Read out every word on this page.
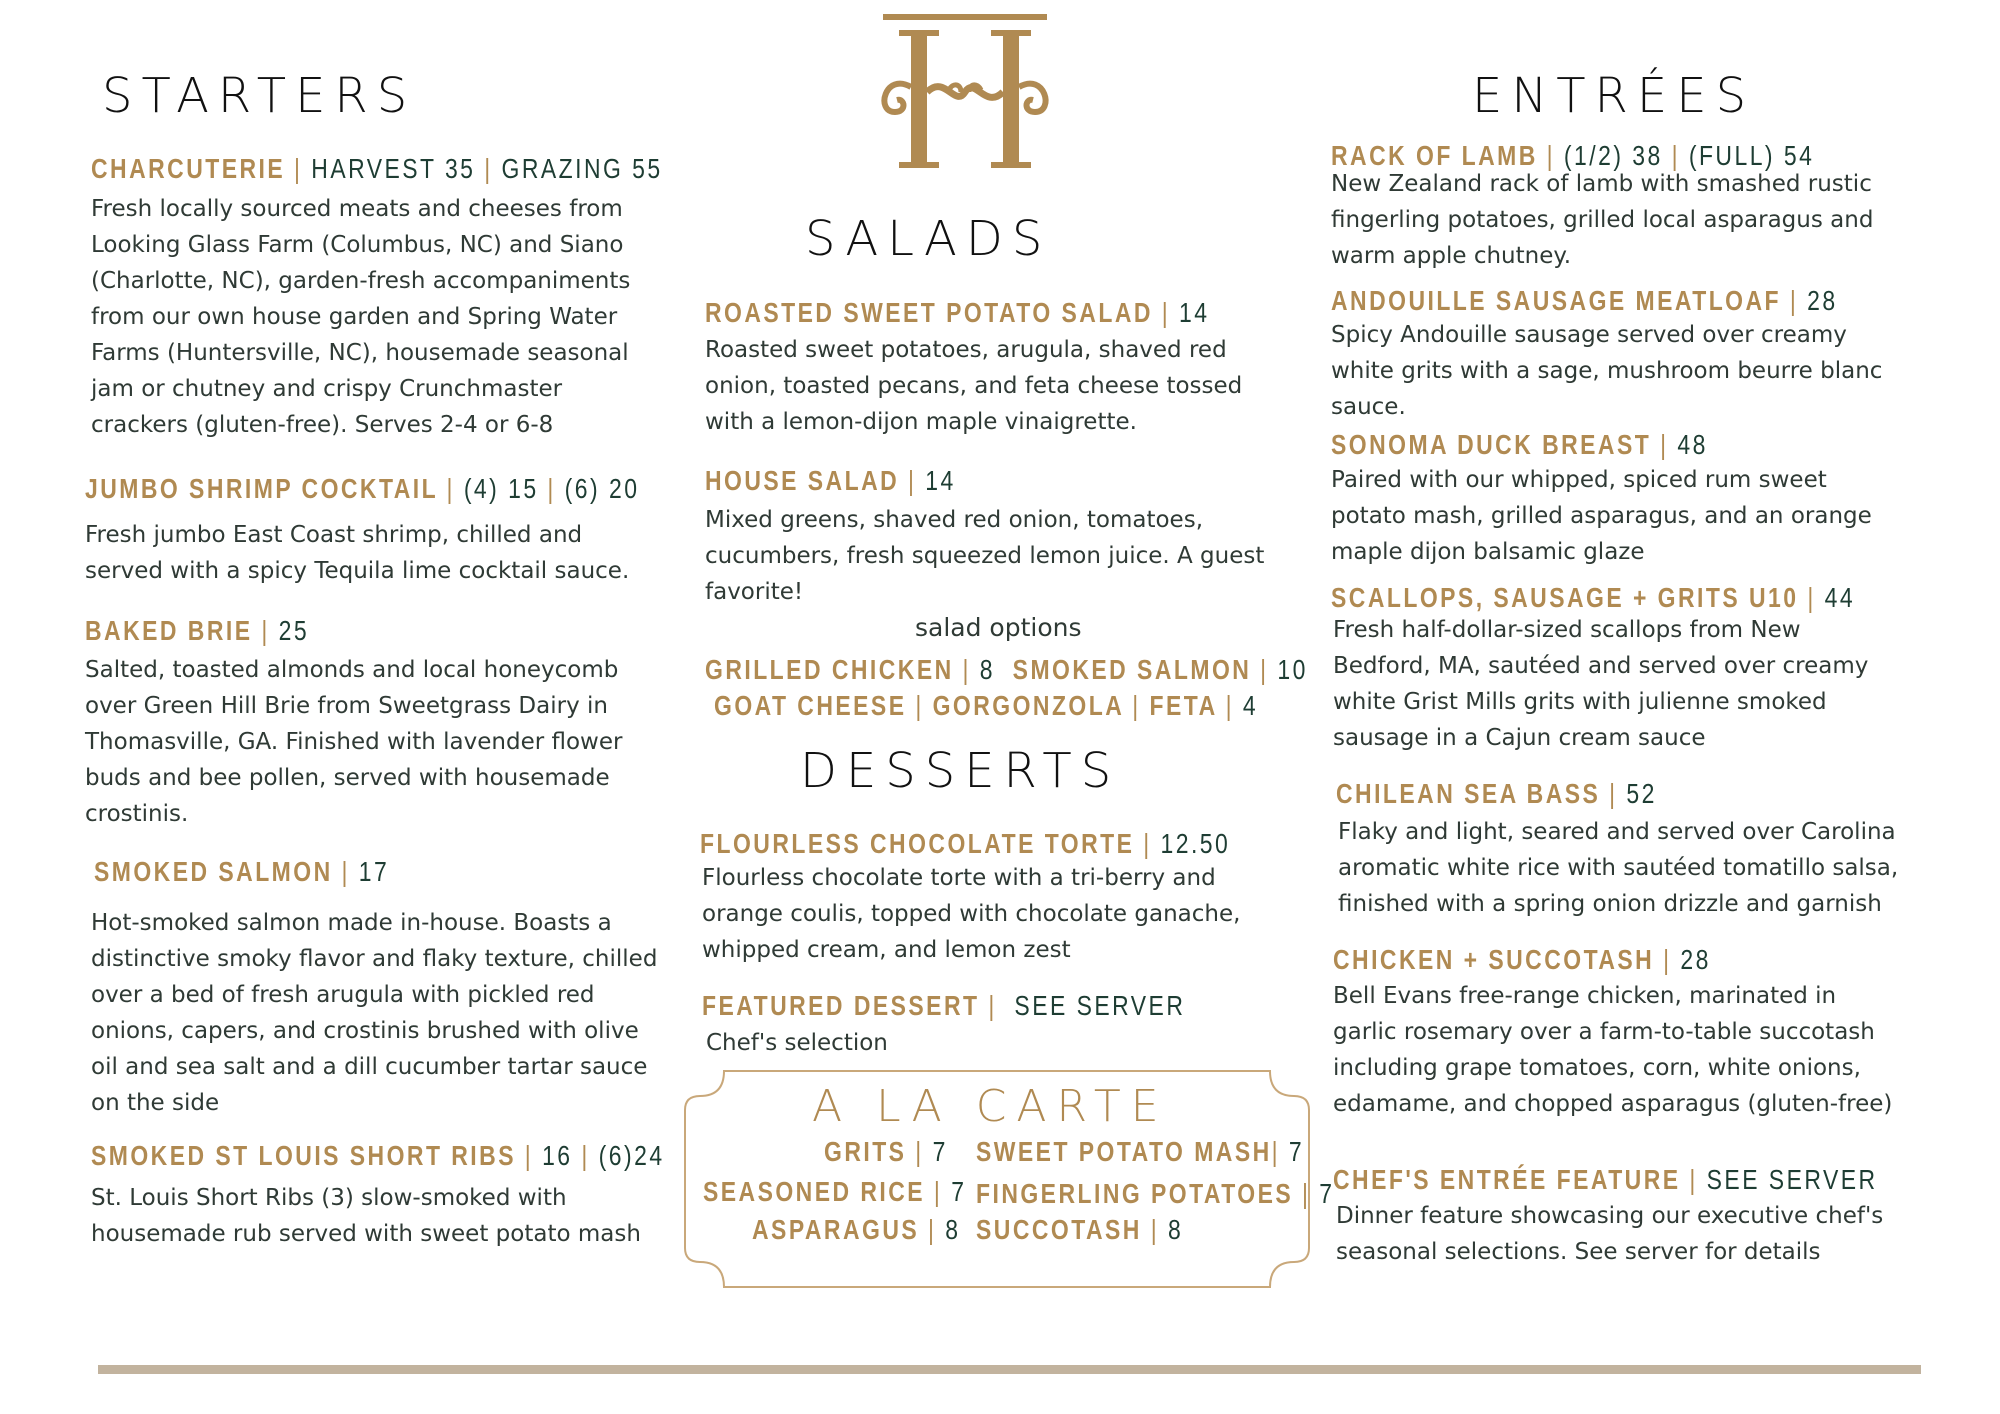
STARTERS
SALADS
DESSERTS
ENTRÉES
CHARCUTERIE | HARVEST 35 | GRAZING 55
Fresh locally sourced meats and cheeses from
Looking Glass Farm (Columbus, NC) and Siano
(Charlotte, NC), garden-fresh accompaniments
from our own house garden and Spring Water
Farms (Huntersville, NC), housemade seasonal
jam or chutney and crispy Crunchmaster
crackers (gluten-free). Serves 2-4 or 6-8
JUMBO SHRIMP COCKTAIL | (4) 15 | (6) 20
Fresh jumbo East Coast shrimp, chilled and
served with a spicy Tequila lime cocktail sauce.
BAKED BRIE | 25
Salted, toasted almonds and local honeycomb
over Green Hill Brie from Sweetgrass Dairy in
Thomasville, GA. Finished with lavender flower
buds and bee pollen, served with housemade
crostinis.
SMOKED SALMON | 17
Hot-smoked salmon made in-house. Boasts a
distinctive smoky flavor and flaky texture, chilled
over a bed of fresh arugula with pickled red
onions, capers, and crostinis brushed with olive
oil and sea salt and a dill cucumber tartar sauce
on the side
SMOKED ST LOUIS SHORT RIBS | 16 | (6)24
St. Louis Short Ribs (3) slow-smoked with
housemade rub served with sweet potato mash
ROASTED SWEET POTATO SALAD | 14
Roasted sweet potatoes, arugula, shaved red
onion, toasted pecans, and feta cheese tossed
with a lemon-dijon maple vinaigrette.
HOUSE SALAD | 14
Mixed greens, shaved red onion, tomatoes,
cucumbers, fresh squeezed lemon juice. A guest
favorite!
salad options
GRILLED CHICKEN | 8 SMOKED SALMON | 10
GOAT CHEESE | GORGONZOLA | FETA | 4
FLOURLESS CHOCOLATE TORTE | 12.50
Flourless chocolate torte with a tri-berry and
orange coulis, topped with chocolate ganache,
whipped cream, and lemon zest
FEATURED DESSERT |  SEE SERVER
Chef's selection
A LA CARTE
GRITS | 7 SWEET POTATO MASH| 7
SEASONED RICE | 7 FINGERLING POTATOES | 7
ASPARAGUS | 8 SUCCOTASH | 8
RACK OF LAMB | (1/2) 38 | (FULL) 54
New Zealand rack of lamb with smashed rustic
fingerling potatoes, grilled local asparagus and
warm apple chutney.
ANDOUILLE SAUSAGE MEATLOAF | 28
Spicy Andouille sausage served over creamy
white grits with a sage, mushroom beurre blanc
sauce.
SONOMA DUCK BREAST | 48
Paired with our whipped, spiced rum sweet
potato mash, grilled asparagus, and an orange
maple dijon balsamic glaze
SCALLOPS, SAUSAGE + GRITS U10 | 44
Fresh half-dollar-sized scallops from New
Bedford, MA, sautéed and served over creamy
white Grist Mills grits with julienne smoked
sausage in a Cajun cream sauce
CHILEAN SEA BASS | 52
Flaky and light, seared and served over Carolina
aromatic white rice with sautéed tomatillo salsa,
finished with a spring onion drizzle and garnish
CHICKEN + SUCCOTASH | 28
Bell Evans free-range chicken, marinated in
garlic rosemary over a farm-to-table succotash
including grape tomatoes, corn, white onions,
edamame, and chopped asparagus (gluten-free)
CHEF'S ENTRÉE FEATURE | SEE SERVER
Dinner feature showcasing our executive chef's
seasonal selections. See server for details
